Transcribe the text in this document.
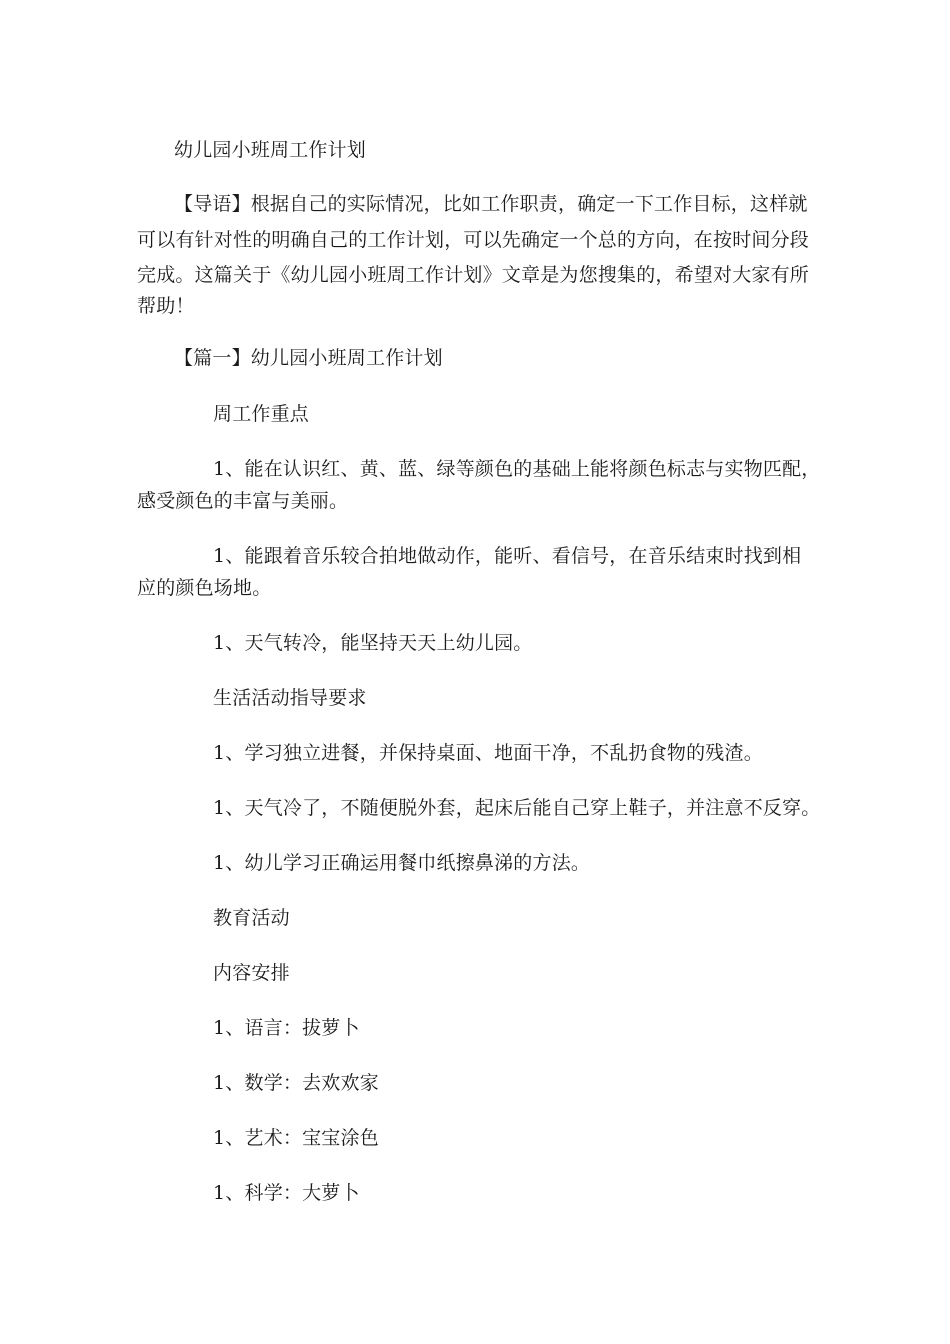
幼儿园小班周工作计划
【导语】根据自己的实际情况，比如工作职责，确定一下工作目标，这样就
可以有针对性的明确自己的工作计划，可以先确定一个总的方向，在按时间分段
完成。这篇关于《幼儿园小班周工作计划》文章是为您搜集的，希望对大家有所
帮助！
【篇一】幼儿园小班周工作计划
周工作重点
1、能在认识红、黄、蓝、绿等颜色的基础上能将颜色标志与实物匹配，
感受颜色的丰富与美丽。
1、能跟着音乐较合拍地做动作，能听、看信号，在音乐结束时找到相
应的颜色场地。
1、天气转冷，能坚持天天上幼儿园。
生活活动指导要求
1、学习独立进餐，并保持桌面、地面干净，不乱扔食物的残渣。
1、天气冷了，不随便脱外套，起床后能自己穿上鞋子，并注意不反穿。
1、幼儿学习正确运用餐巾纸擦鼻涕的方法。
教育活动
内容安排
1、语言：拔萝卜
1、数学：去欢欢家
1、艺术：宝宝涂色
1、科学：大萝卜
